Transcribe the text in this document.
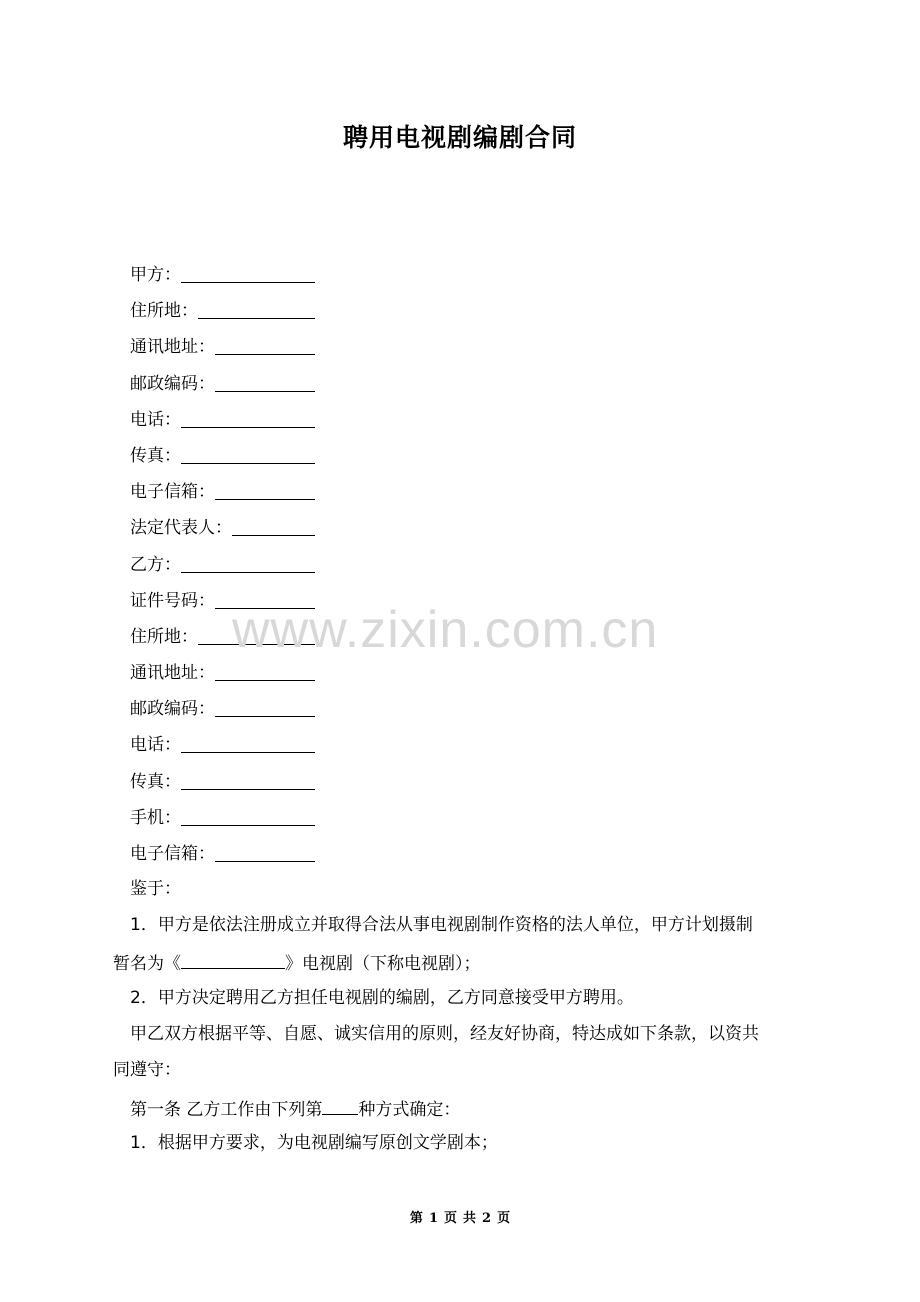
聘用电视剧编剧合同
甲方：
住所地：
通讯地址：
邮政编码：
电话：
传真：
电子信箱：
法定代表人：
乙方：
证件号码：
住所地：
通讯地址：
邮政编码：
电话：
传真：
手机：
电子信箱：
鉴于：
1．甲方是依法注册成立并取得合法从事电视剧制作资格的法人单位，甲方计划摄制
暂名为《	》电视剧（下称电视剧）；
2．甲方决定聘用乙方担任电视剧的编剧，乙方同意接受甲方聘用。
甲乙双方根据平等、自愿、诚实信用的原则，经友好协商，特达成如下条款，以资共
同遵守：
第一条 乙方工作由下列第 种方式确定：
1．根据甲方要求，为电视剧编写原创文学剧本；
www.zixin.com.cn
第 1 页 共 2 页
